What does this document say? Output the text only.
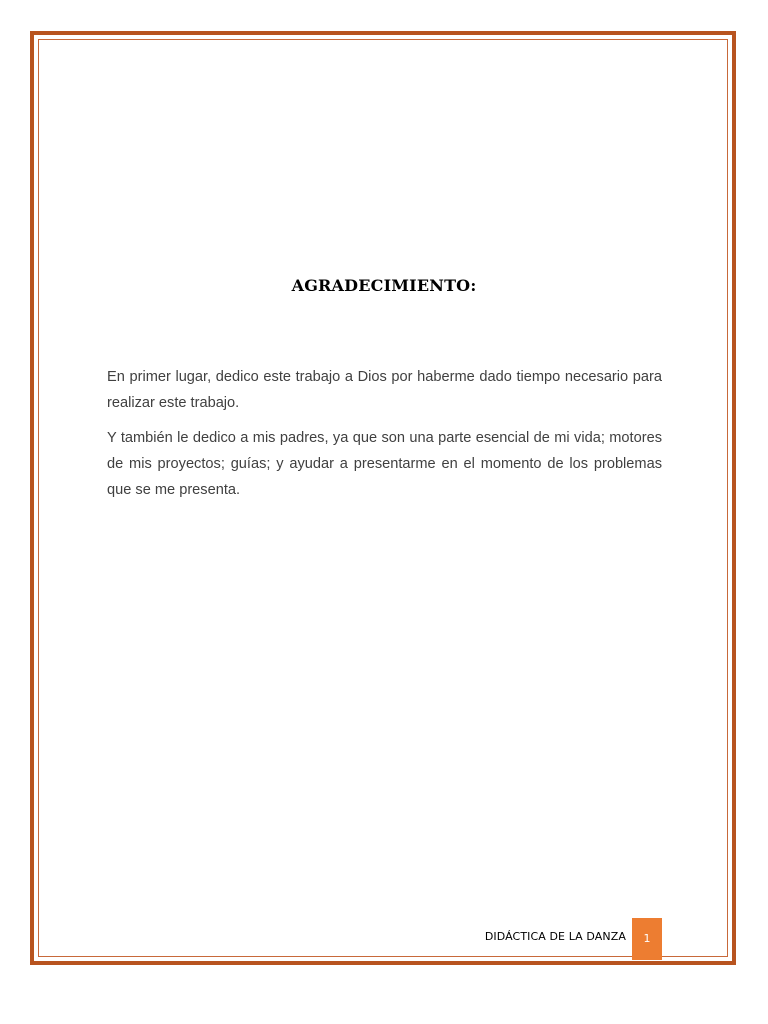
AGRADECIMIENTO:

En primer lugar, dedico este trabajo a Dios por haberme dado tiempo necesario para realizar este trabajo.

Y también le dedico a mis padres, ya que son una parte esencial de mi vida; motores de mis proyectos; guías; y ayudar a presentarme en el momento de los problemas que se me presenta.

DIDÁCTICA DE LA DANZA	1
